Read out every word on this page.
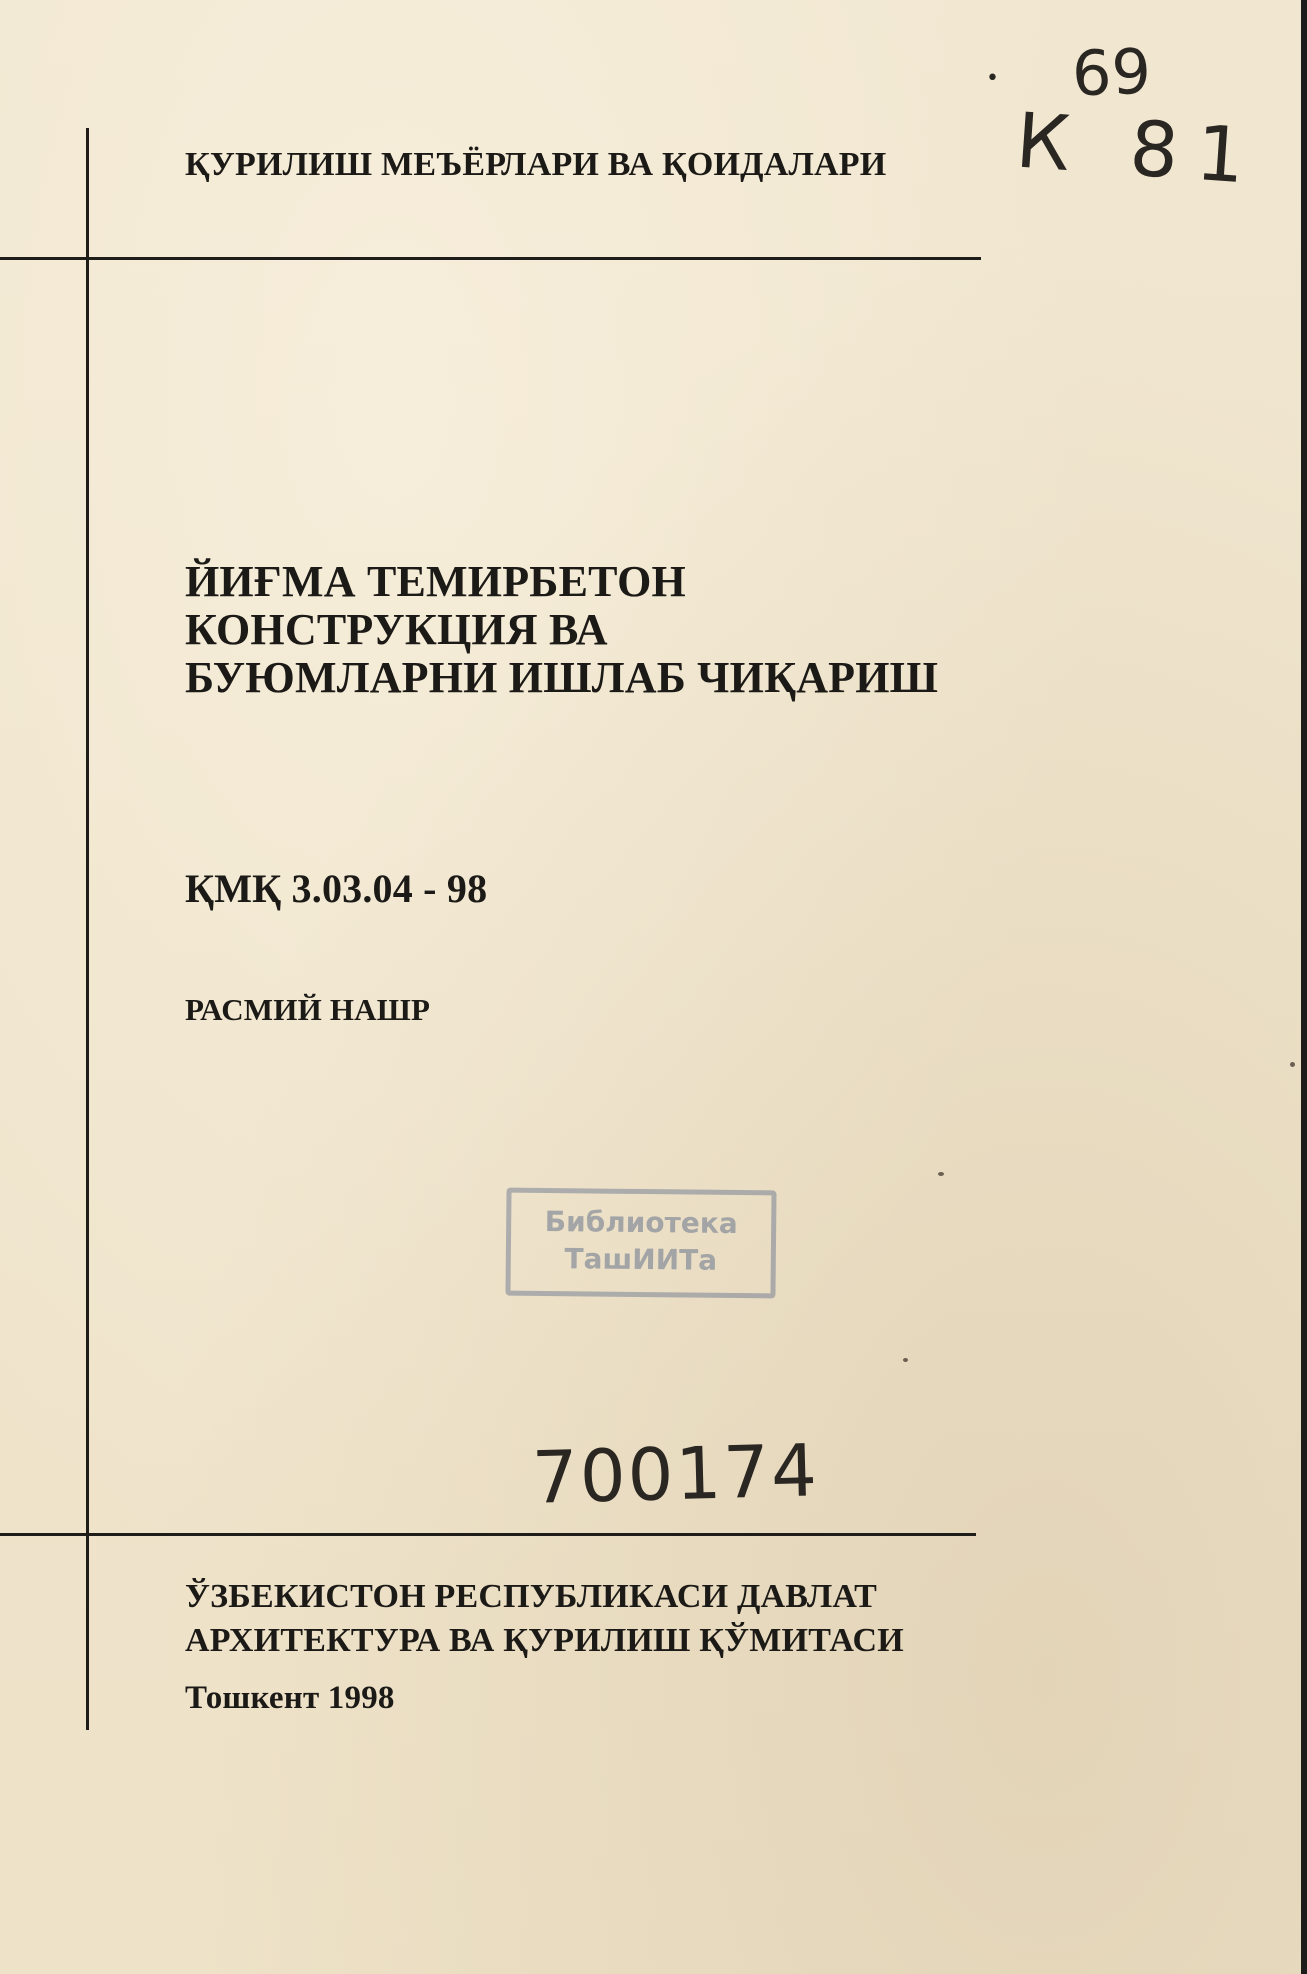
ҚУРИЛИШ МЕЪЁРЛАРИ ВА ҚОИДАЛАРИ
ЙИҒМА ТЕМИРБЕТОН
КОНСТРУКЦИЯ ВА
БУЮМЛАРНИ ИШЛАБ ЧИҚАРИШ
ҚМҚ 3.03.04 - 98
РАСМИЙ НАШР
Библиотека
ТашИИТа
• 69
К 81
700174
ЎЗБЕКИСТОН РЕСПУБЛИКАСИ ДАВЛАТ
АРХИТЕКТУРА ВА ҚУРИЛИШ ҚЎМИТАСИ
Тошкент 1998
